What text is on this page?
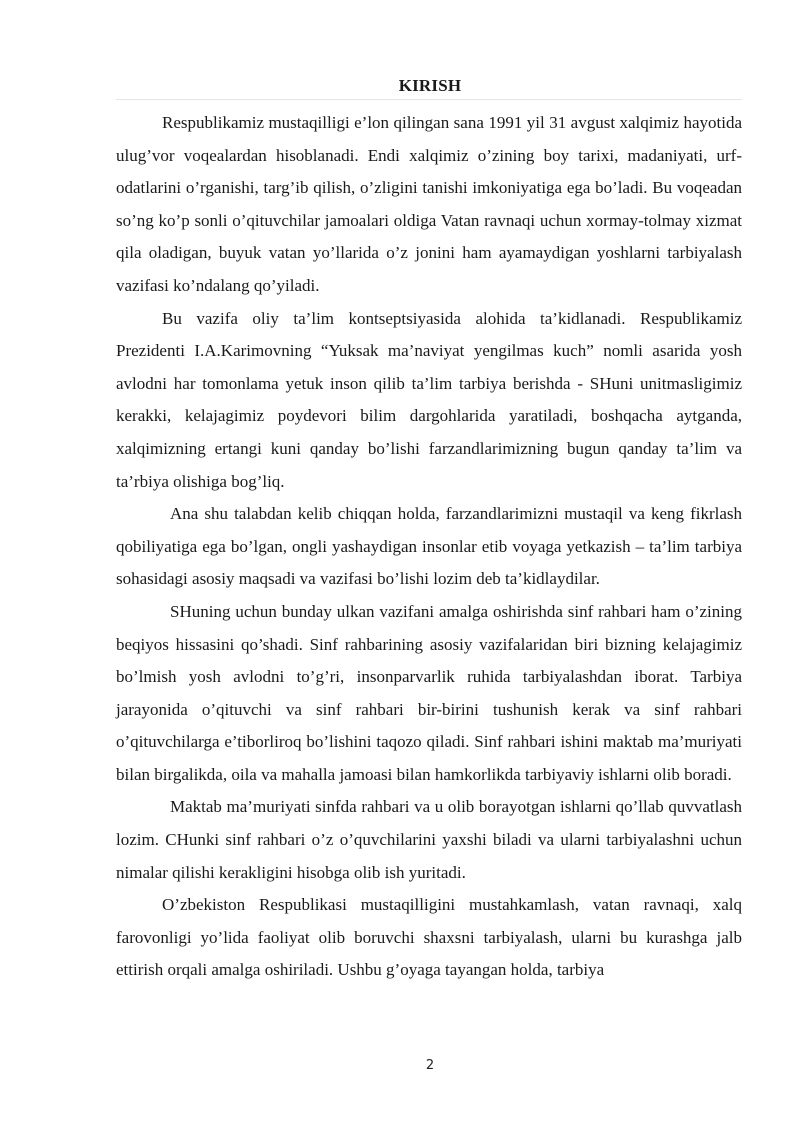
KIRISH

Respublikamiz mustaqilligi e’lon qilingan sana 1991 yil 31 avgust xalqimiz hayotida ulug’vor voqealardan hisoblanadi. Endi xalqimiz o’zining boy tarixi, madaniyati, urf-odatlarini o’rganishi, targ’ib qilish, o’zligini tanishi imkoniyatiga ega bo’ladi. Bu voqeadan so’ng ko’p sonli o’qituvchilar jamoalari oldiga Vatan ravnaqi uchun xormay-tolmay xizmat qila oladigan, buyuk vatan yo’llarida o’z jonini ham ayamaydigan yoshlarni tarbiyalash vazifasi ko’ndalang qo’yiladi.

Bu vazifa oliy ta’lim kontseptsiyasida alohida ta’kidlanadi. Respublikamiz Prezidenti I.A.Karimovning “Yuksak ma’naviyat yengilmas kuch” nomli asarida yosh avlodni har tomonlama yetuk inson qilib ta’lim tarbiya berishda - SHuni unitmasligimiz kerakki, kelajagimiz poydevori bilim dargohlarida yaratiladi, boshqacha aytganda, xalqimizning ertangi kuni qanday bo’lishi farzandlarimizning bugun qanday ta’lim va ta’rbiya olishiga bog’liq.

Ana shu talabdan kelib chiqqan holda, farzandlarimizni mustaqil va keng fikrlash qobiliyatiga ega bo’lgan, ongli yashaydigan insonlar etib voyaga yetkazish – ta’lim tarbiya sohasidagi asosiy maqsadi va vazifasi bo’lishi lozim deb ta’kidlaydilar.

SHuning uchun bunday ulkan vazifani amalga oshirishda sinf rahbari ham o’zining beqiyos hissasini qo’shadi. Sinf rahbarining asosiy vazifalaridan biri bizning kelajagimiz bo’lmish yosh avlodni to’g’ri, insonparvarlik ruhida tarbiyalashdan iborat. Tarbiya jarayonida o’qituvchi va sinf rahbari bir-birini tushunish kerak va sinf rahbari o’qituvchilarga e’tiborliroq bo’lishini taqozo qiladi. Sinf rahbari ishini maktab ma’muriyati bilan birgalikda, oila va mahalla jamoasi bilan hamkorlikda tarbiyaviy ishlarni olib boradi.

Maktab ma’muriyati sinfda rahbari va u olib borayotgan ishlarni qo’llab quvvatlash lozim. CHunki sinf rahbari o’z o’quvchilarini yaxshi biladi va ularni tarbiyalashni uchun nimalar qilishi kerakligini hisobga olib ish yuritadi.

O’zbekiston Respublikasi mustaqilligini mustahkamlash, vatan ravnaqi, xalq farovonligi yo’lida faoliyat olib boruvchi shaxsni tarbiyalash, ularni bu kurashga jalb ettirish orqali amalga oshiriladi. Ushbu g’oyaga tayangan holda, tarbiya

2
